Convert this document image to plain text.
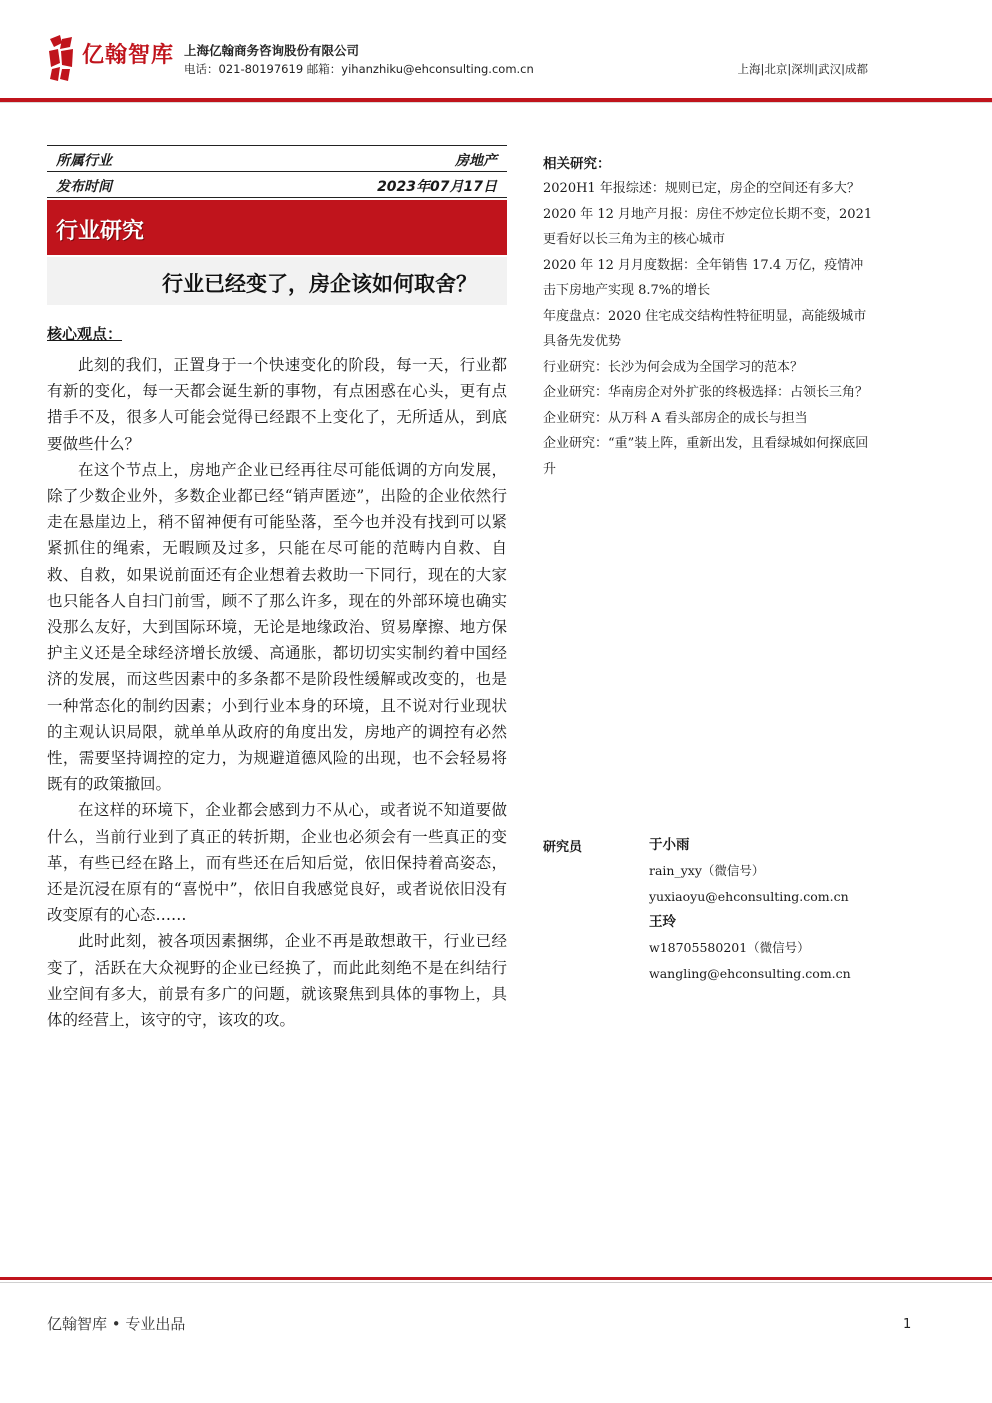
亿翰智库 上海亿翰商务咨询股份有限公司
电话：021-80197619 邮箱：yihanzhiku@ehconsulting.com.cn	上海|北京|深圳|武汉|成都
所属行业	房地产
发布时间	2023年07月17日
行业研究
行业已经变了，房企该如何取舍？
核心观点：

此刻的我们，正置身于一个快速变化的阶段，每一天，行业都有新的变化，每一天都会诞生新的事物，有点困惑在心头，更有点措手不及，很多人可能会觉得已经跟不上变化了，无所适从，到底要做些什么？

在这个节点上，房地产企业已经再往尽可能低调的方向发展，除了少数企业外，多数企业都已经“销声匿迹”，出险的企业依然行走在悬崖边上，稍不留神便有可能坠落，至今也并没有找到可以紧紧抓住的绳索，无暇顾及过多，只能在尽可能的范畴内自救、自救、自救，如果说前面还有企业想着去救助一下同行，现在的大家也只能各人自扫门前雪，顾不了那么许多，现在的外部环境也确实没那么友好，大到国际环境，无论是地缘政治、贸易摩擦、地方保护主义还是全球经济增长放缓、高通胀，都切切实实制约着中国经济的发展，而这些因素中的多条都不是阶段性缓解或改变的，也是一种常态化的制约因素；小到行业本身的环境，且不说对行业现状的主观认识局限，就单单从政府的角度出发，房地产的调控有必然性，需要坚持调控的定力，为规避道德风险的出现，也不会轻易将既有的政策撤回。

在这样的环境下，企业都会感到力不从心，或者说不知道要做什么，当前行业到了真正的转折期，企业也必须会有一些真正的变革，有些已经在路上，而有些还在后知后觉，依旧保持着高姿态，还是沉浸在原有的“喜悦中”，依旧自我感觉良好，或者说依旧没有改变原有的心态……

此时此刻，被各项因素捆绑，企业不再是敢想敢干，行业已经变了，活跃在大众视野的企业已经换了，而此此刻绝不是在纠结行业空间有多大，前景有多广的问题，就该聚焦到具体的事物上，具体的经营上，该守的守，该攻的攻。

相关研究：
2020H1 年报综述：规则已定，房企的空间还有多大？
2020 年 12 月地产月报：房住不炒定位长期不变，2021 更看好以长三角为主的核心城市
2020 年 12 月月度数据：全年销售 17.4 万亿，疫情冲击下房地产实现 8.7%的增长
年度盘点：2020 住宅成交结构性特征明显，高能级城市具备先发优势
行业研究：长沙为何会成为全国学习的范本？
企业研究：华南房企对外扩张的终极选择：占领长三角？
企业研究：从万科 A 看头部房企的成长与担当
企业研究：“重”装上阵，重新出发，且看绿城如何探底回升
研究员	于小雨
rain_yxy（微信号）
yuxiaoyu@ehconsulting.com.cn
王玲
w18705580201（微信号）
wangling@ehconsulting.com.cn
亿翰智库 • 专业出品	1
